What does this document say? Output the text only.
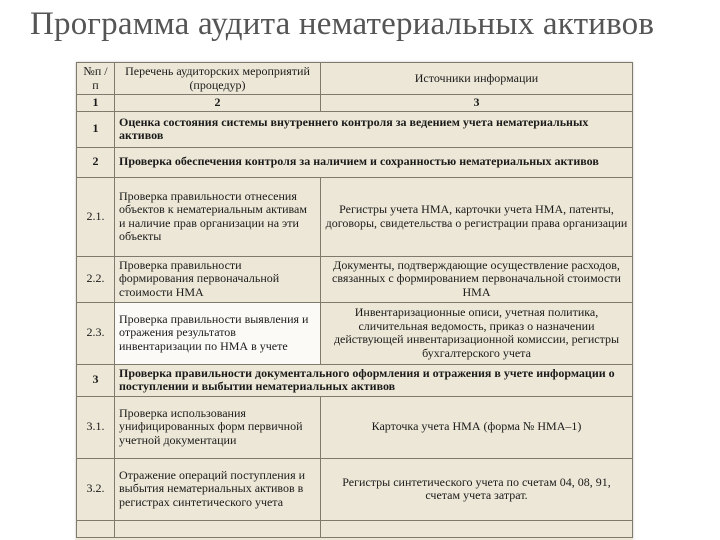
Программа аудита нематериальных активов
№п /п	Перечень аудиторских мероприятий (процедур)	Источники информации
1	2	3
1	Оценка состояния системы внутреннего контроля за ведением учета нематериальных активов	
2	Проверка обеспечения контроля за наличием и сохранностью нематериальных активов	
2.1.	Проверка правильности отнесения объектов к нематериальным активам и наличие прав организации на эти объекты	Регистры учета НМА, карточки учета НМА, патенты, договоры, свидетельства о регистрации права организации
2.2.	Проверка правильности формирования первоначальной стоимости НМА	Документы, подтверждающие осуществление расходов, связанных с формированием первоначальной стоимости НМА
2.3.	Проверка правильности выявления и отражения результатов инвентаризации по НМА в учете	Инвентаризационные описи, учетная политика, сличительная ведомость, приказ о назначении действующей инвентаризационной комиссии, регистры бухгалтерского учета
3	Проверка правильности документального оформления и отражения в учете информации о поступлении и выбытии нематериальных активов	
3.1.	Проверка использования унифицированных форм первичной учетной документации	Карточка учета НМА (форма № НМА–1)
3.2.	Отражение операций поступления и выбытия нематериальных активов в регистрах синтетического учета	Регистры синтетического учета по счетам 04, 08, 91, счетам учета затрат.
